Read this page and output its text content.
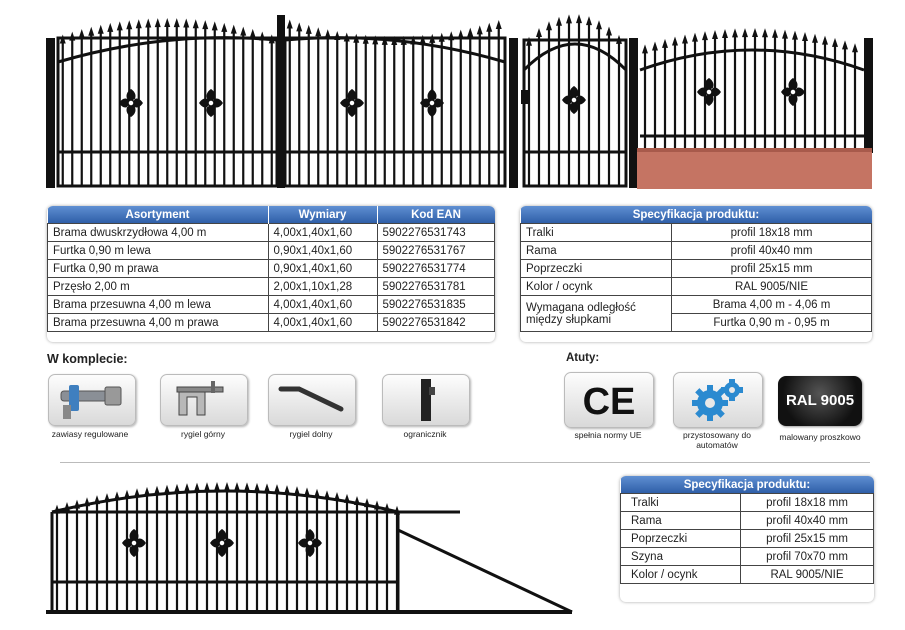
Asortyment	Wymiary	Kod EAN
Brama dwuskrzydłowa 4,00 m	4,00x1,40x1,60	5902276531743
Furtka 0,90 m lewa	0,90x1,40x1,60	5902276531767
Furtka 0,90 m prawa	0,90x1,40x1,60	5902276531774
Przęsło 2,00 m	2,00x1,10x1,28	5902276531781
Brama przesuwna 4,00 m lewa	4,00x1,40x1,60	5902276531835
Brama przesuwna 4,00 m prawa	4,00x1,40x1,60	5902276531842
Specyfikacja produktu:	
Tralki	profil 18x18 mm
Rama	profil 40x40 mm
Poprzeczki	profil 25x15 mm
Kolor / ocynk	RAL 9005/NIE
Wymagana odległość
między słupkami	Brama 4,00 m - 4,06 m
	Furtka 0,90 m - 0,95 m
W komplecie:
zawiasy regulowane	rygiel górny	rygiel dolny	ogranicznik
Atuty:
CE
spełnia normy UE	przystosowany do
automatów
RAL 9005
malowany proszkowo
Specyfikacja produktu:	
Tralki	profil 18x18 mm
Rama	profil 40x40 mm
Poprzeczki	profil 25x15 mm
Szyna	profil 70x70 mm
Kolor / ocynk	RAL 9005/NIE
